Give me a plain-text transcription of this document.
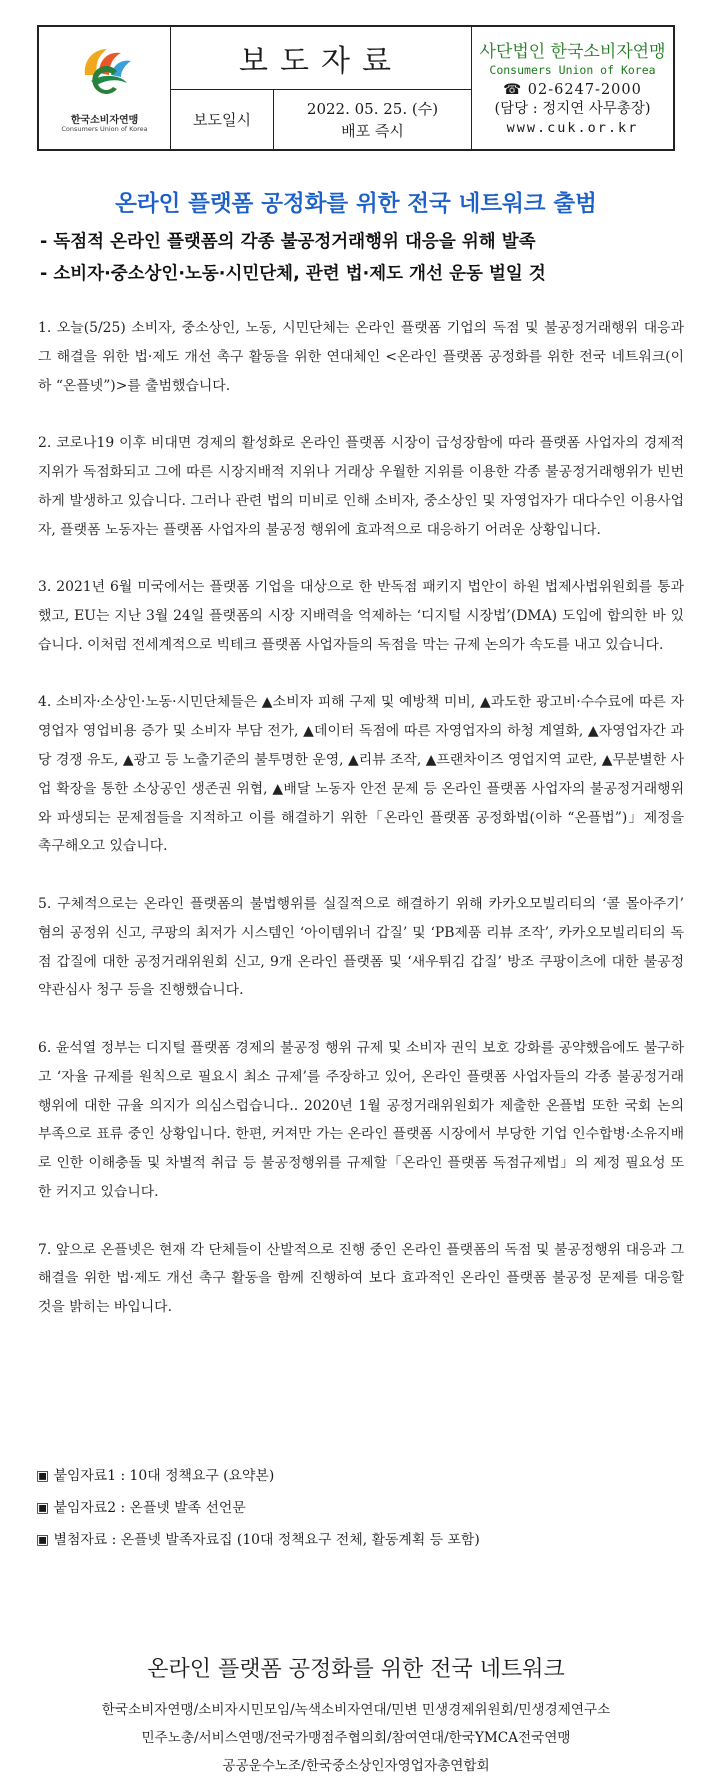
한국소비자연맹
Consumers Union of Korea
보도자료
보도일시
2022. 05. 25. (수)
배포 즉시
사단법인 한국소비자연맹
Consumers Union of Korea
☎ 02-6247-2000
(담당 : 정지연 사무총장)
www.cuk.or.kr
온라인 플랫폼 공정화를 위한 전국 네트워크 출범
- 독점적 온라인 플랫폼의 각종 불공정거래행위 대응을 위해 발족
- 소비자·중소상인·노동·시민단체, 관련 법·제도 개선 운동 벌일 것

1. 오늘(5/25) 소비자, 중소상인, 노동, 시민단체는 온라인 플랫폼 기업의 독점 및 불공정거래행위 대응과 그 해결을 위한 법·제도 개선 촉구 활동을 위한 연대체인 <온라인 플랫폼 공정화를 위한 전국 네트워크(이하 “온플넷”)>를 출범했습니다.

2. 코로나19 이후 비대면 경제의 활성화로 온라인 플랫폼 시장이 급성장함에 따라 플랫폼 사업자의 경제적 지위가 독점화되고 그에 따른 시장지배적 지위나 거래상 우월한 지위를 이용한 각종 불공정거래행위가 빈번하게 발생하고 있습니다. 그러나 관련 법의 미비로 인해 소비자, 중소상인 및 자영업자가 대다수인 이용사업자, 플랫폼 노동자는 플랫폼 사업자의 불공정 행위에 효과적으로 대응하기 어려운 상황입니다.

3. 2021년 6월 미국에서는 플랫폼 기업을 대상으로 한 반독점 패키지 법안이 하원 법제사법위원회를 통과했고, EU는 지난 3월 24일 플랫폼의 시장 지배력을 억제하는 ‘디지털 시장법’(DMA) 도입에 합의한 바 있습니다. 이처럼 전세계적으로 빅테크 플랫폼 사업자들의 독점을 막는 규제 논의가 속도를 내고 있습니다.

4. 소비자·소상인·노동·시민단체들은 ▲소비자 피해 구제 및 예방책 미비, ▲과도한 광고비·수수료에 따른 자영업자 영업비용 증가 및 소비자 부담 전가, ▲데이터 독점에 따른 자영업자의 하청 계열화, ▲자영업자간 과당 경쟁 유도, ▲광고 등 노출기준의 불투명한 운영, ▲리뷰 조작, ▲프랜차이즈 영업지역 교란, ▲무분별한 사업 확장을 통한 소상공인 생존권 위협, ▲배달 노동자 안전 문제 등 온라인 플랫폼 사업자의 불공정거래행위와 파생되는 문제점들을 지적하고 이를 해결하기 위한「온라인 플랫폼 공정화법(이하 “온플법”)」제정을 촉구해오고 있습니다.

5. 구체적으로는 온라인 플랫폼의 불법행위를 실질적으로 해결하기 위해 카카오모빌리티의 ‘콜 몰아주기’ 혐의 공정위 신고, 쿠팡의 최저가 시스템인 ‘아이템위너 갑질’ 및 ‘PB제품 리뷰 조작’, 카카오모빌리티의 독점 갑질에 대한 공정거래위원회 신고, 9개 온라인 플랫폼 및 ‘새우튀김 갑질’ 방조 쿠팡이츠에 대한 불공정약관심사 청구 등을 진행했습니다.

6. 윤석열 정부는 디지털 플랫폼 경제의 불공정 행위 규제 및 소비자 권익 보호 강화를 공약했음에도 불구하고 ‘자율 규제를 원칙으로 필요시 최소 규제’를 주장하고 있어, 온라인 플랫폼 사업자들의 각종 불공정거래행위에 대한 규율 의지가 의심스럽습니다.. 2020년 1월 공정거래위원회가 제출한 온플법 또한 국회 논의 부족으로 표류 중인 상황입니다. 한편, 커져만 가는 온라인 플랫폼 시장에서 부당한 기업 인수합병·소유지배로 인한 이해충돌 및 차별적 취급 등 불공정행위를 규제할「온라인 플랫폼 독점규제법」의 제정 필요성 또한 커지고 있습니다.

7. 앞으로 온플넷은 현재 각 단체들이 산발적으로 진행 중인 온라인 플랫폼의 독점 및 불공정행위 대응과 그 해결을 위한 법·제도 개선 촉구 활동을 함께 진행하여 보다 효과적인 온라인 플랫폼 불공정 문제를 대응할 것을 밝히는 바입니다.

▣ 붙임자료1 : 10대 정책요구 (요약본)
▣ 붙임자료2 : 온플넷 발족 선언문
▣ 별첨자료 : 온플넷 발족자료집 (10대 정책요구 전체, 활동계획 등 포함)
온라인 플랫폼 공정화를 위한 전국 네트워크
한국소비자연맹/소비자시민모임/녹색소비자연대/민변 민생경제위원회/민생경제연구소
민주노총/서비스연맹/전국가맹점주협의회/참여연대/한국YMCA전국연맹
공공운수노조/한국중소상인자영업자총연합회
